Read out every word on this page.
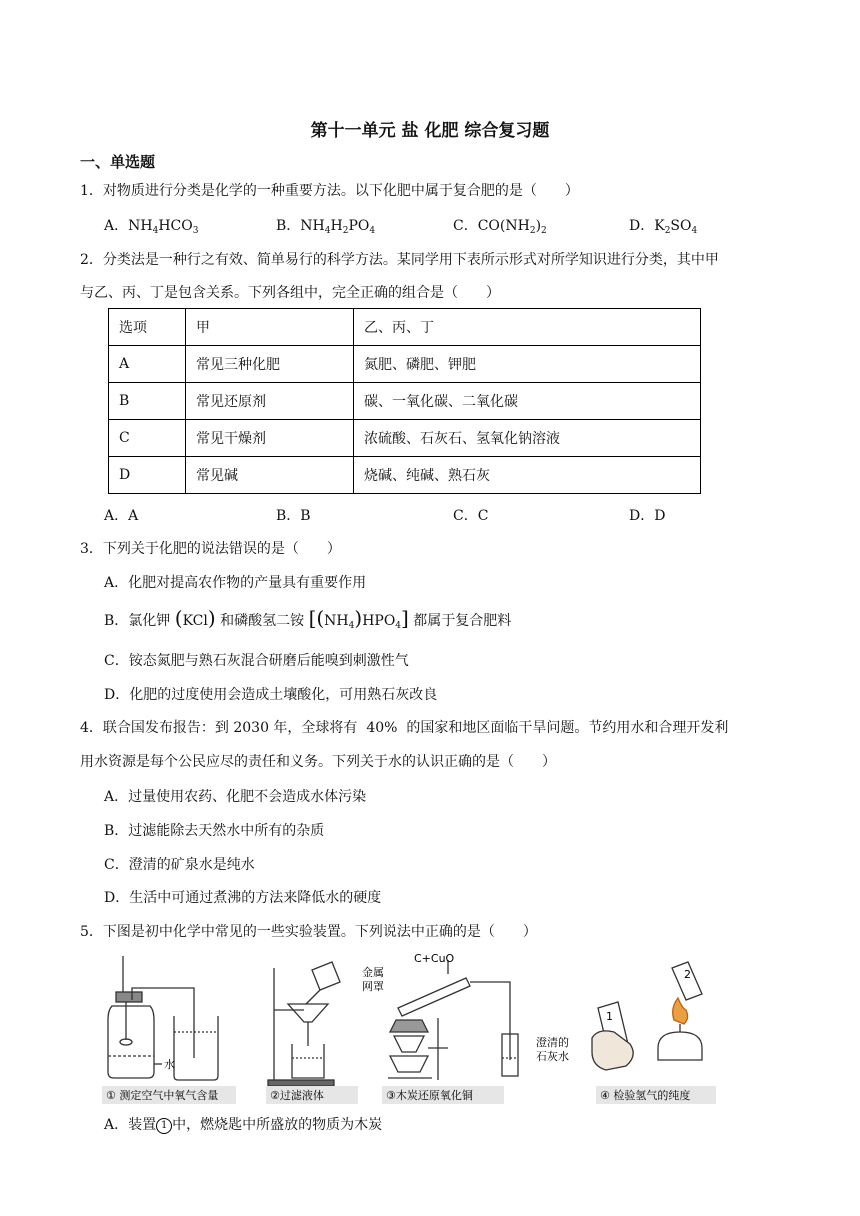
第十一单元 盐 化肥 综合复习题
一、单选题
1．对物质进行分类是化学的一种重要方法。以下化肥中属于复合肥的是（　　）
A．$NH_4HCO_3$	B．$NH_4H_2PO_4$	C．$CO(NH_2)_2$	D．$K_2SO_4$
2．分类法是一种行之有效、简单易行的科学方法。某同学用下表所示形式对所学知识进行分类，其中甲
与乙、丙、丁是包含关系。下列各组中，完全正确的组合是（　　）
选项	甲	乙、丙、丁
A	常见三种化肥	氮肥、磷肥、钾肥
B	常见还原剂	碳、一氧化碳、二氧化碳
C	常见干燥剂	浓硫酸、石灰石、氢氧化钠溶液
D	常见碱	烧碱、纯碱、熟石灰
A．A	B．B	C．C	D．D
3．下列关于化肥的说法错误的是（　　）
A．化肥对提高农作物的产量具有重要作用
B．氯化钾 (KCl) 和磷酸氢二铵 $[(NH_4)HPO_4]$ 都属于复合肥料
C．铵态氮肥与熟石灰混合研磨后能嗅到刺激性气
D．化肥的过度使用会造成土壤酸化，可用熟石灰改良
4．联合国发布报告：到 2030 年，全球将有 40% 的国家和地区面临干旱问题。节约用水和合理开发利
用水资源是每个公民应尽的责任和义务。下列关于水的认识正确的是（　　）
A．过量使用农药、化肥不会造成水体污染
B．过滤能除去天然水中所有的杂质
C．澄清的矿泉水是纯水
D．生活中可通过煮沸的方法来降低水的硬度
5．下图是初中化学中常见的一些实验装置。下列说法中正确的是（　　）
水
金属
网罩
C+CuO
澄清的
石灰水
1
2
① 测定空气中氧气含量	②过滤液体	③木炭还原氧化铜	④ 检验氢气的纯度
A．装置 1 中，燃烧匙中所盛放的物质为木炭
